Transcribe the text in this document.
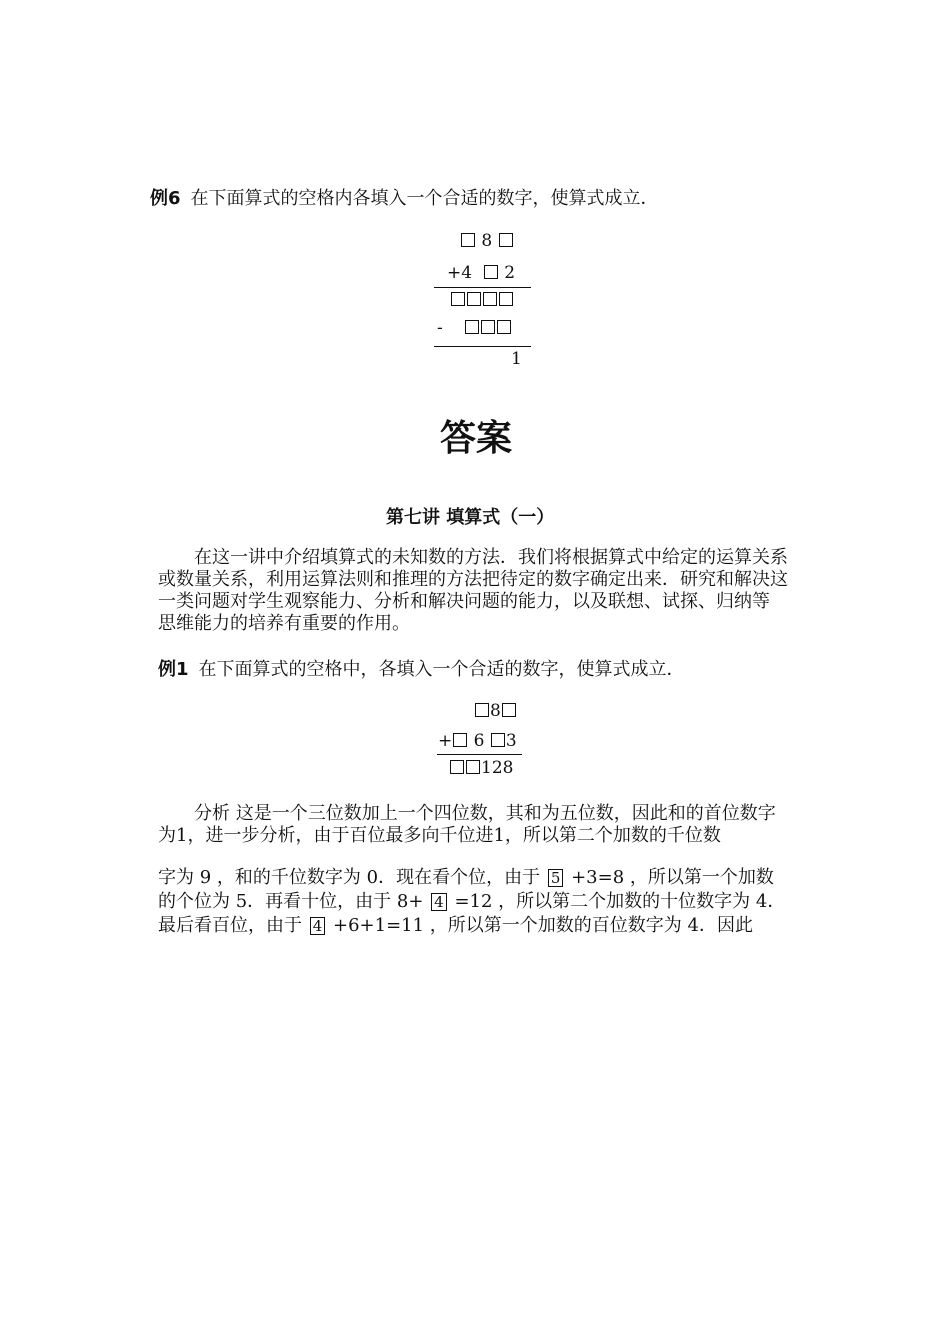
例6 在下面算式的空格内各填入一个合适的数字，使算式成立．
8
+4 2
-
1
答案
第七讲 填算式（一）
在这一讲中介绍填算式的未知数的方法．我们将根据算式中给定的运算关系
或数量关系，利用运算法则和推理的方法把待定的数字确定出来．研究和解决这
一类问题对学生观察能力、分析和解决问题的能力，以及联想、试探、归纳等
思维能力的培养有重要的作用。
例1 在下面算式的空格中，各填入一个合适的数字，使算式成立．
8
+ 6 3
128
分析 这是一个三位数加上一个四位数，其和为五位数，因此和的首位数字
为1，进一步分析，由于百位最多向千位进1，所以第二个加数的千位数
字为 9 ，和的千位数字为 0．现在看个位，由于 5 +3=8 ，所以第一个加数
的个位为 5．再看十位，由于 8+ 4 =12 ，所以第二个加数的十位数字为 4．
最后看百位，由于 4 +6+1=11 ，所以第一个加数的百位数字为 4．因此
